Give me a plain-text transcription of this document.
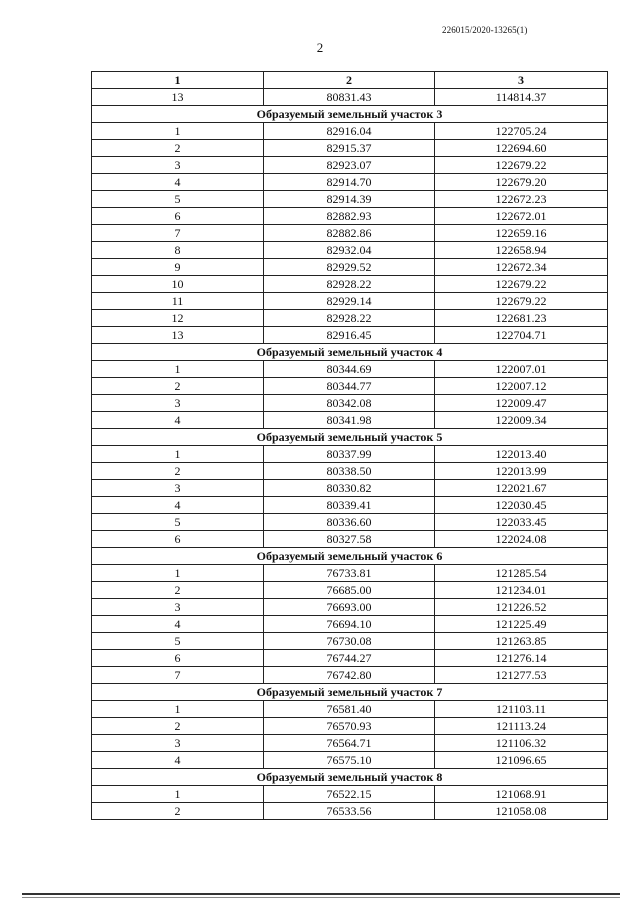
226015/2020-13265(1)
2
1	2	3
13	80831.43	114814.37
Образуемый земельный участок 3		
1	82916.04	122705.24
2	82915.37	122694.60
3	82923.07	122679.22
4	82914.70	122679.20
5	82914.39	122672.23
6	82882.93	122672.01
7	82882.86	122659.16
8	82932.04	122658.94
9	82929.52	122672.34
10	82928.22	122679.22
11	82929.14	122679.22
12	82928.22	122681.23
13	82916.45	122704.71
Образуемый земельный участок 4		
1	80344.69	122007.01
2	80344.77	122007.12
3	80342.08	122009.47
4	80341.98	122009.34
Образуемый земельный участок 5		
1	80337.99	122013.40
2	80338.50	122013.99
3	80330.82	122021.67
4	80339.41	122030.45
5	80336.60	122033.45
6	80327.58	122024.08
Образуемый земельный участок 6		
1	76733.81	121285.54
2	76685.00	121234.01
3	76693.00	121226.52
4	76694.10	121225.49
5	76730.08	121263.85
6	76744.27	121276.14
7	76742.80	121277.53
Образуемый земельный участок 7		
1	76581.40	121103.11
2	76570.93	121113.24
3	76564.71	121106.32
4	76575.10	121096.65
Образуемый земельный участок 8		
1	76522.15	121068.91
2	76533.56	121058.08
